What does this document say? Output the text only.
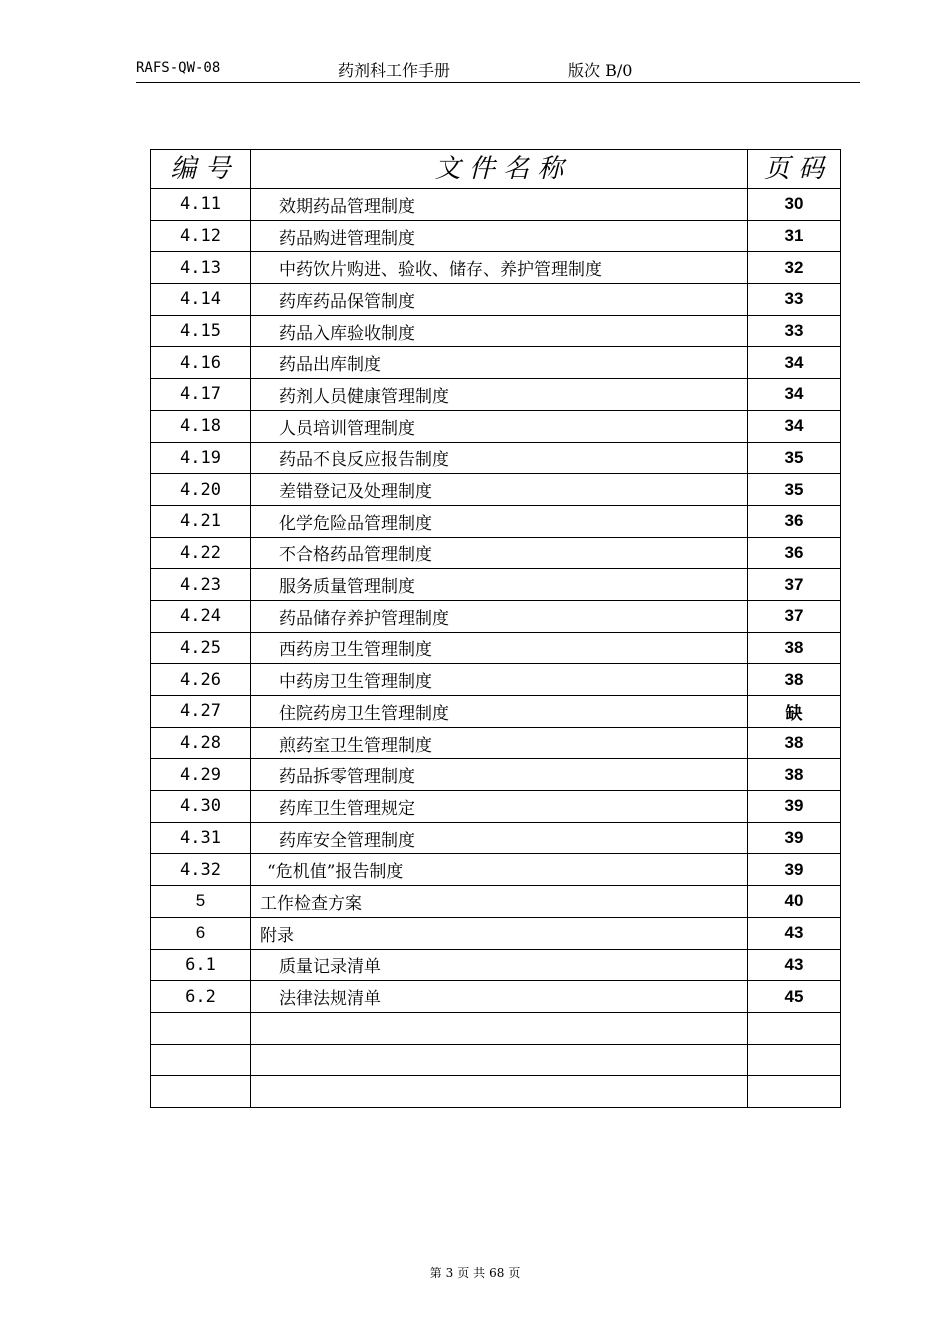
RAFS-QW-08	药剂科工作手册	版次 B/0
编 号	文 件 名 称	页 码
4.11	效期药品管理制度	30
4.12	药品购进管理制度	31
4.13	中药饮片购进、验收、储存、养护管理制度	32
4.14	药库药品保管制度	33
4.15	药品入库验收制度	33
4.16	药品出库制度	34
4.17	药剂人员健康管理制度	34
4.18	人员培训管理制度	34
4.19	药品不良反应报告制度	35
4.20	差错登记及处理制度	35
4.21	化学危险品管理制度	36
4.22	不合格药品管理制度	36
4.23	服务质量管理制度	37
4.24	药品储存养护管理制度	37
4.25	西药房卫生管理制度	38
4.26	中药房卫生管理制度	38
4.27	住院药房卫生管理制度	缺
4.28	煎药室卫生管理制度	38
4.29	药品拆零管理制度	38
4.30	药库卫生管理规定	39
4.31	药库安全管理制度	39
4.32	“危机值”报告制度	39
5	工作检查方案	40
6	附录	43
6.1	质量记录清单	43
6.2	法律法规清单	45

第 3 页 共 68 页
